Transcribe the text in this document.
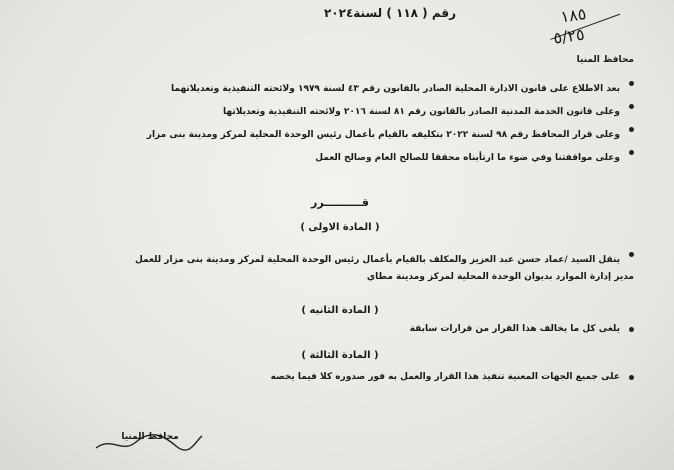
١٨٥
٥/٢٥
رقم ( ١١٨ ) لسنة٢٠٢٤
محافظ المنيا
بعد الاطلاع على قانون الادارة المحلية الصادر بالقانون رقم ٤٣ لسنة ١٩٧٩ ولائحته التنفيذية وتعديلاتهما
وعلى قانون الخدمة المدنية الصادر بالقانون رقم ٨١ لسنة ٢٠١٦ ولائحته التنفيذية وتعديلاتها
وعلى قرار المحافظ رقم ٩٨ لسنة ٢٠٢٢ بتكليفه بالقيام بأعمال رئيس الوحدة المحلية لمركز ومدينة بنى مزار
وعلى مواقفتنا وفي ضوء ما ارتأيناه محققا للصالح العام وصالح العمل
قــــــــــرر
( المادة الاولى )
ينقل السيد /عماد حسن عبد العزيز والمكلف بالقيام بأعمال رئيس الوحدة المحلية لمركز ومدينة بنى مزار للعمل
مدير إدارة الموارد بديوان الوحدة المحلية لمركز ومدينة مطاي
( المادة الثانيه )
يلغى كل ما يخالف هذا القرار من قرارات سابقة
( المادة الثالثة )
على جميع الجهات المعنية تنفيذ هذا القرار والعمل به فور صدوره كلا فيما يخصه
محافظ المنيا
